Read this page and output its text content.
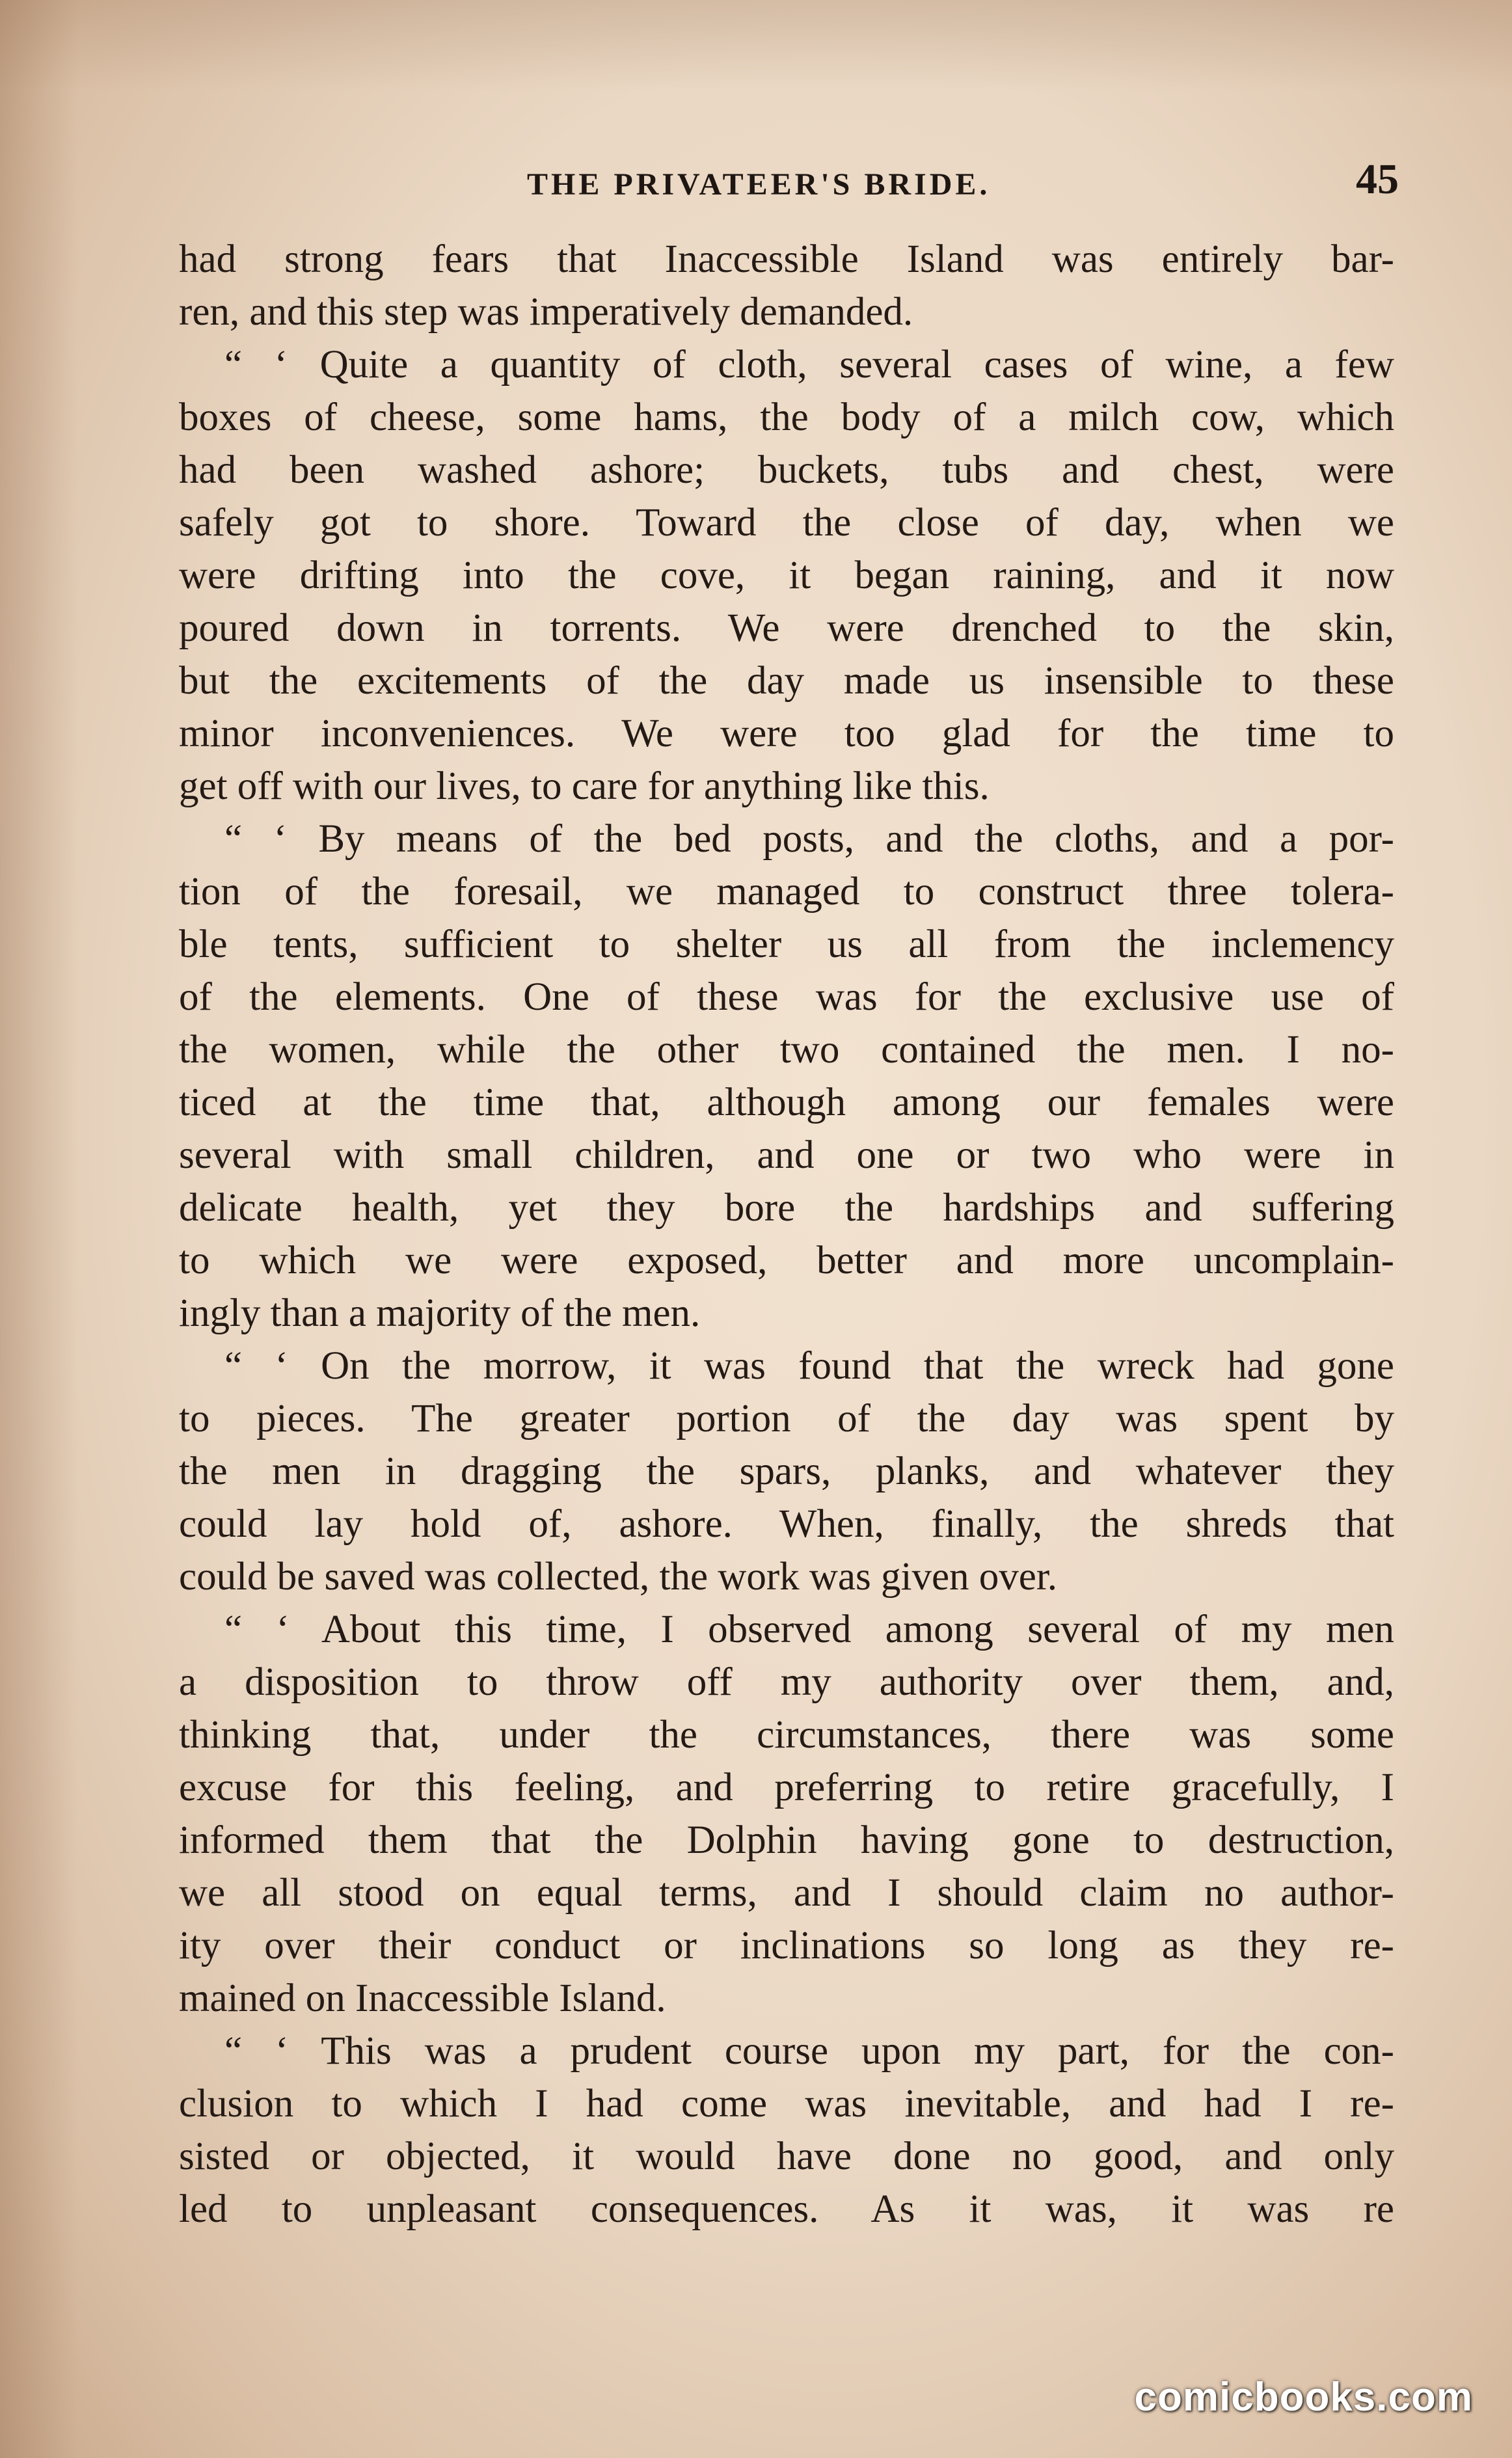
THE PRIVATEER'S BRIDE.	45
had strong fears that Inaccessible Island was entirely bar-
ren, and this step was imperatively demanded.
“ ‘ Quite a quantity of cloth, several cases of wine, a few
boxes of cheese, some hams, the body of a milch cow, which
had been washed ashore; buckets, tubs and chest, were
safely got to shore. Toward the close of day, when we
were drifting into the cove, it began raining, and it now
poured down in torrents. We were drenched to the skin,
but the excitements of the day made us insensible to these
minor inconveniences. We were too glad for the time to
get off with our lives, to care for anything like this.
“ ‘ By means of the bed posts, and the cloths, and a por-
tion of the foresail, we managed to construct three tolera-
ble tents, sufficient to shelter us all from the inclemency
of the elements. One of these was for the exclusive use of
the women, while the other two contained the men. I no-
ticed at the time that, although among our females were
several with small children, and one or two who were in
delicate health, yet they bore the hardships and suffering
to which we were exposed, better and more uncomplain-
ingly than a majority of the men.
“ ‘ On the morrow, it was found that the wreck had gone
to pieces. The greater portion of the day was spent by
the men in dragging the spars, planks, and whatever they
could lay hold of, ashore. When, finally, the shreds that
could be saved was collected, the work was given over.
“ ‘ About this time, I observed among several of my men
a disposition to throw off my authority over them, and,
thinking that, under the circumstances, there was some
excuse for this feeling, and preferring to retire gracefully, I
informed them that the Dolphin having gone to destruction,
we all stood on equal terms, and I should claim no author-
ity over their conduct or inclinations so long as they re-
mained on Inaccessible Island.
“ ‘ This was a prudent course upon my part, for the con-
clusion to which I had come was inevitable, and had I re-
sisted or objected, it would have done no good, and only
led to unpleasant consequences. As it was, it was re
comicbooks.com
